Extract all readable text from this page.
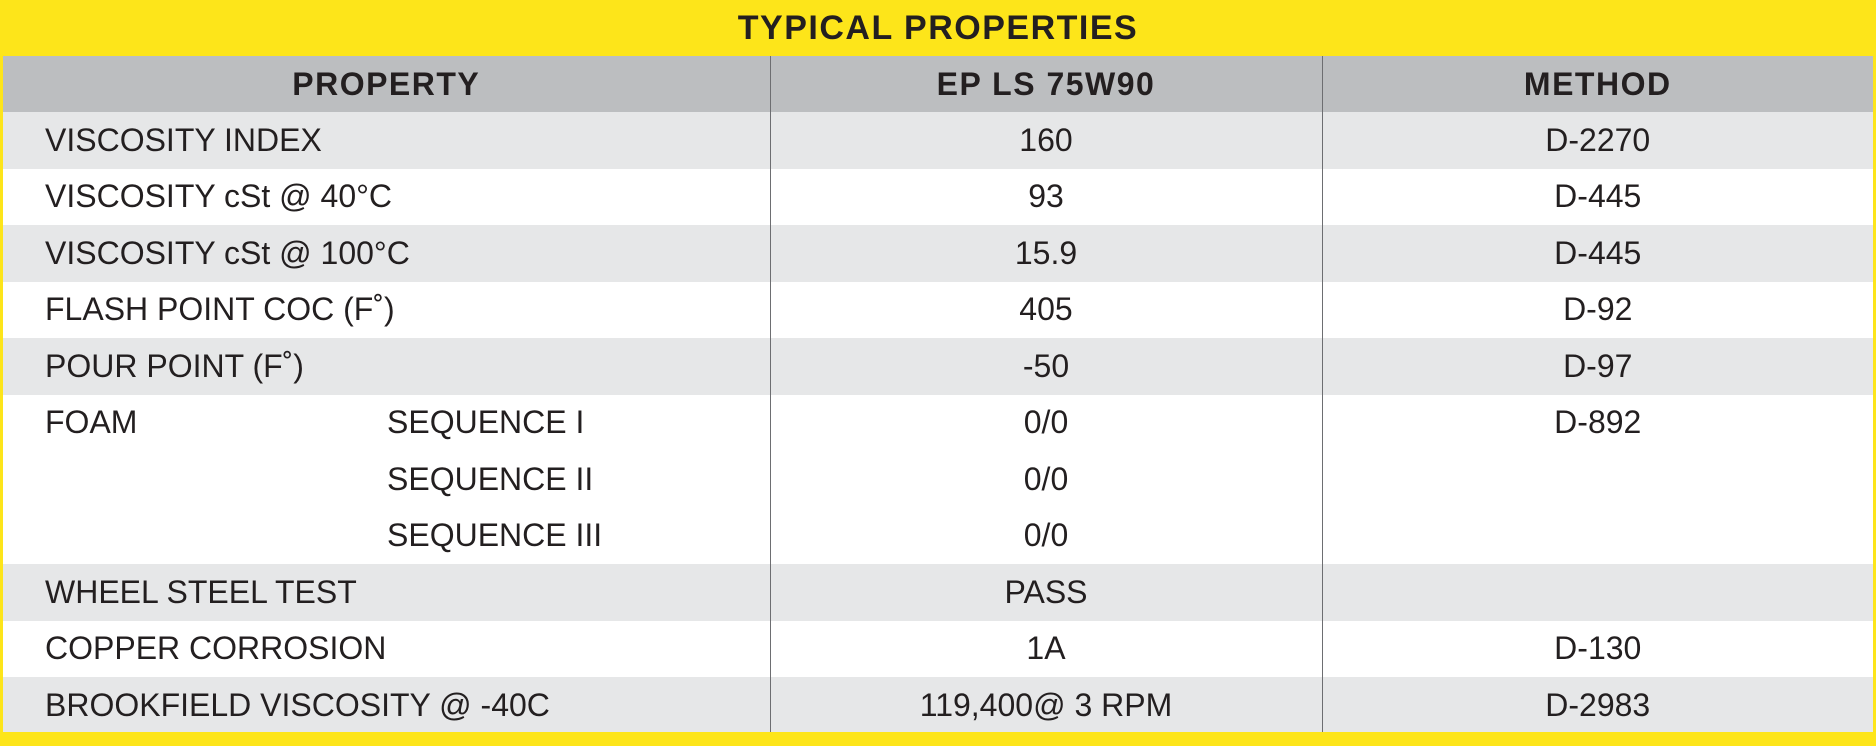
TYPICAL PROPERTIES
PROPERTY	EP LS 75W90	METHOD
VISCOSITY INDEX	160	D-2270
VISCOSITY cSt @ 40°C	93	D-445
VISCOSITY cSt @ 100°C	15.9	D-445
FLASH POINT COC (F˚)	405	D-92
POUR POINT (F˚)	-50	D-97
FOAM SEQUENCE I	0/0	D-892
SEQUENCE II	0/0	
SEQUENCE III	0/0	
WHEEL STEEL TEST	PASS	
COPPER CORROSION	1A	D-130
BROOKFIELD VISCOSITY @ -40C	119,400@ 3 RPM	D-2983
